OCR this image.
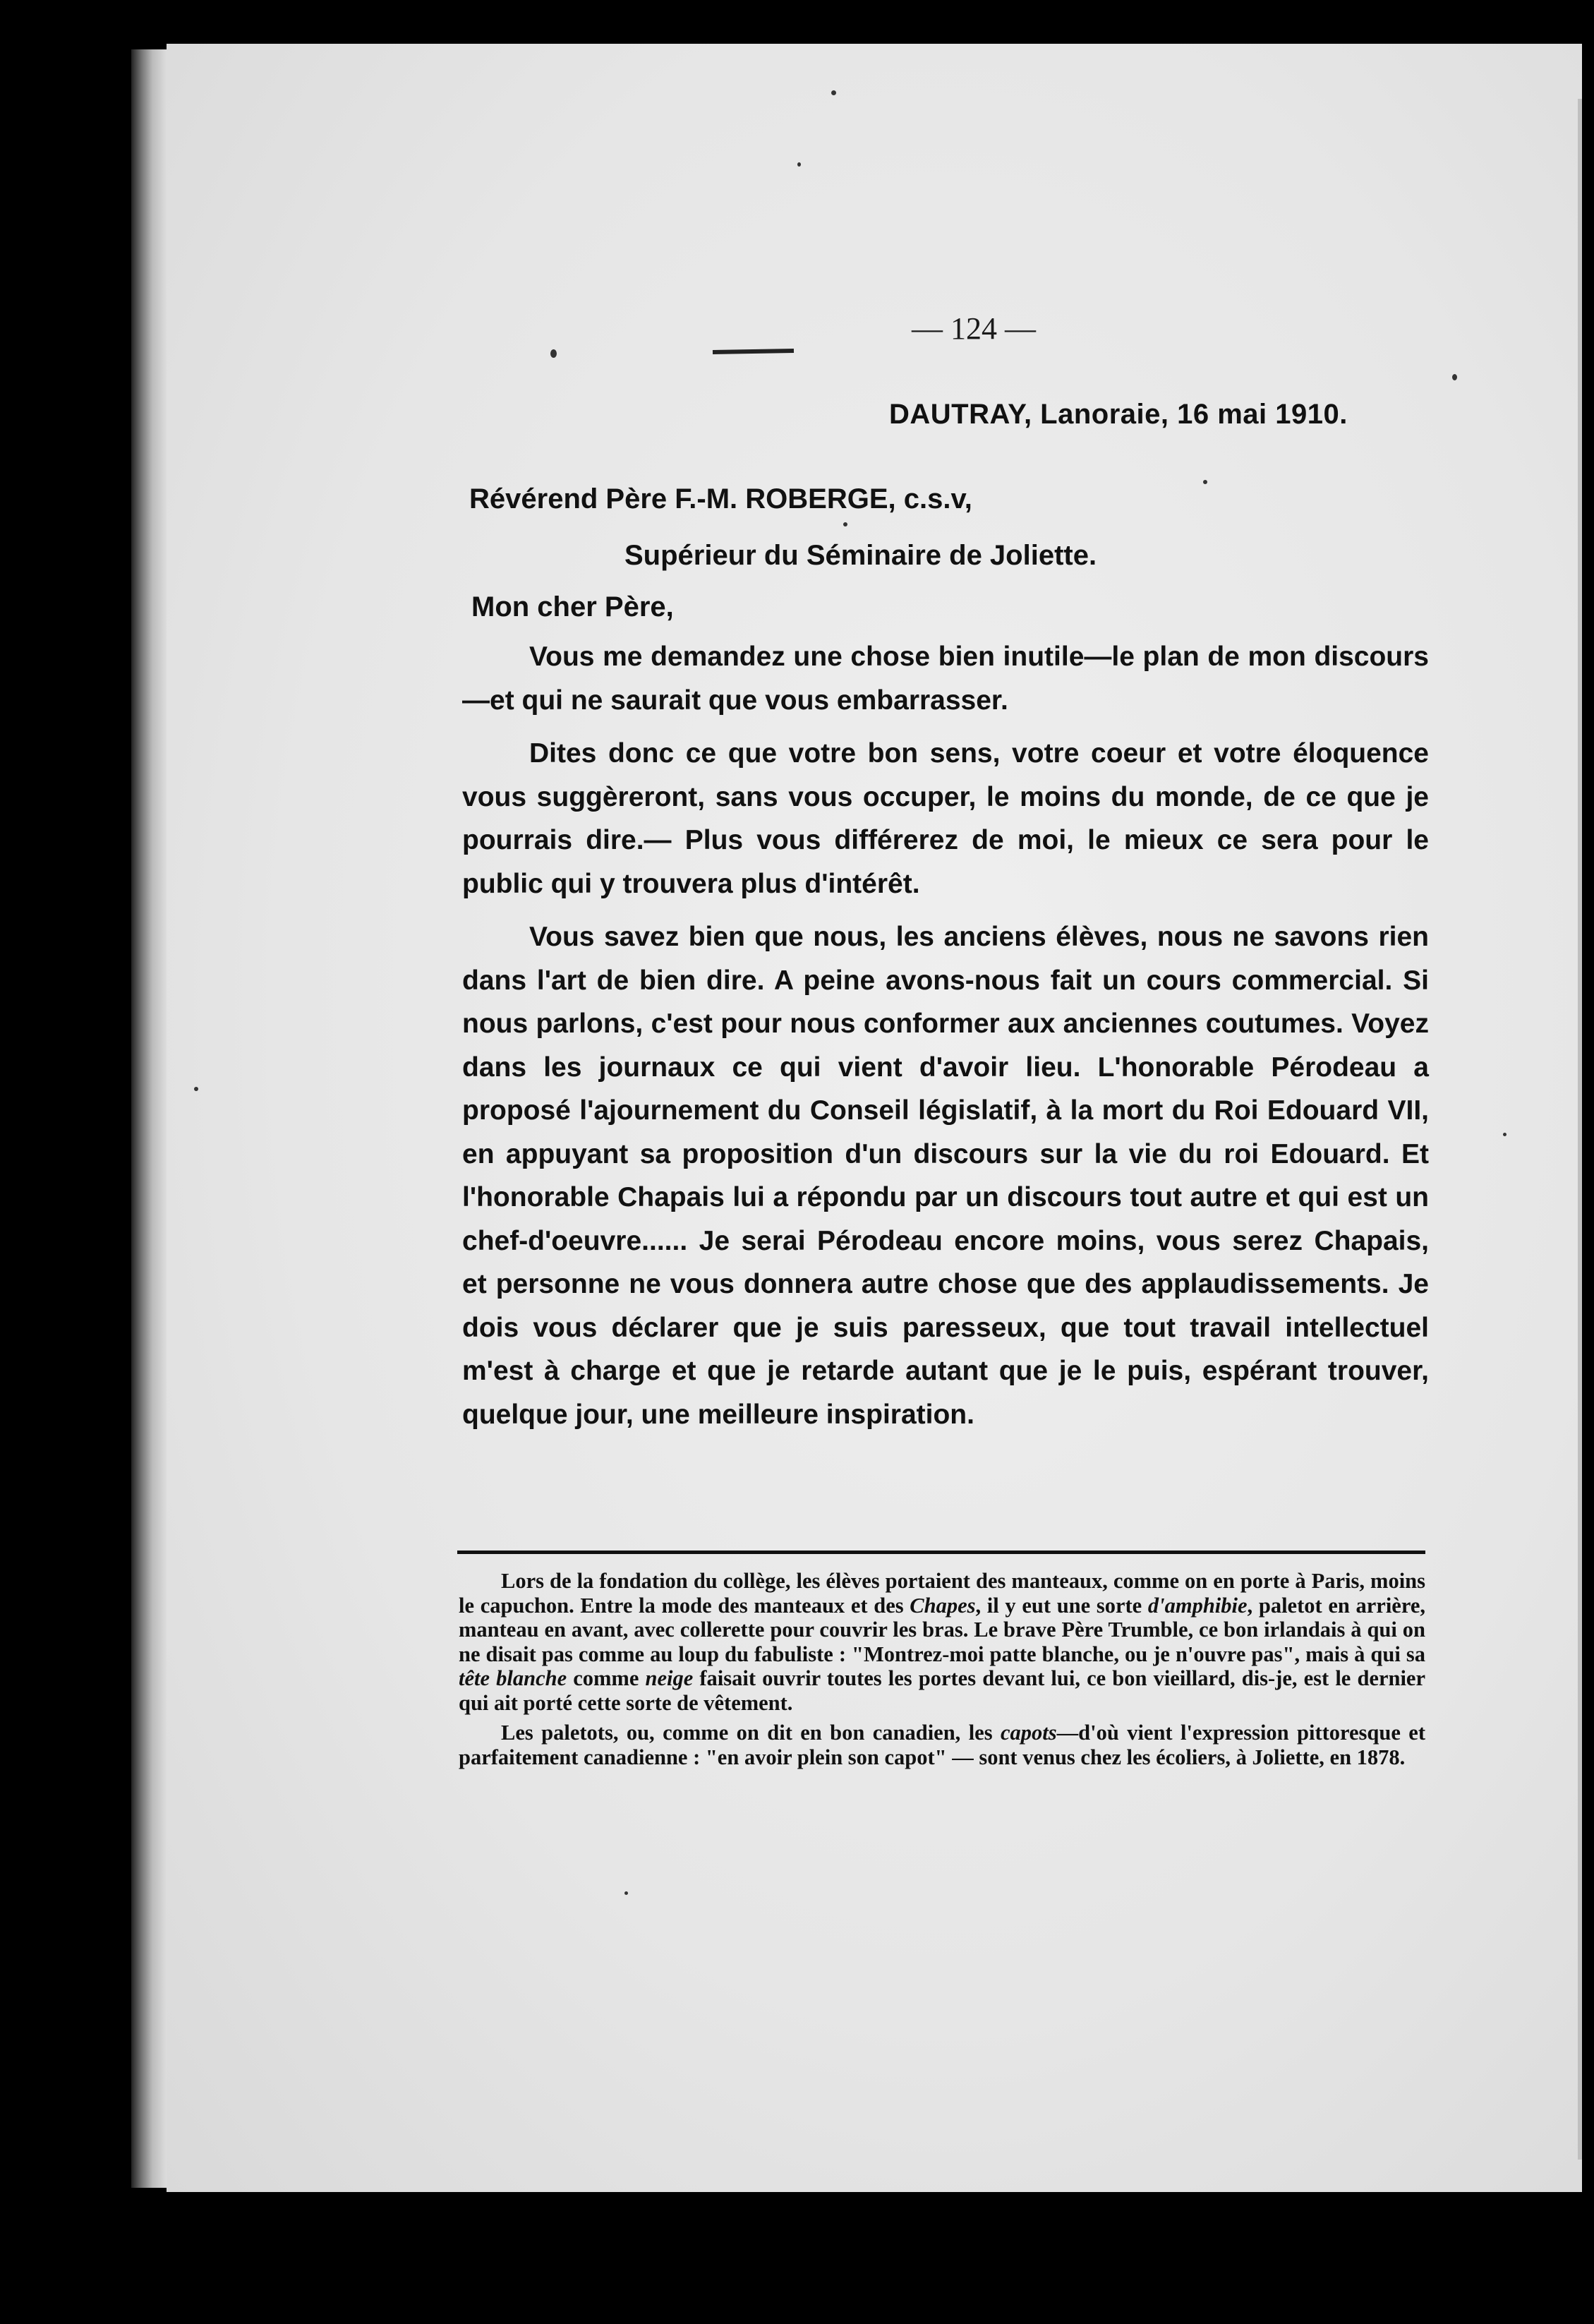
— 124 —
DAUTRAY, Lanoraie, 16 mai 1910.
Révérend Père F.-M. ROBERGE, c.s.v,
Supérieur du Séminaire de Joliette.
Mon cher Père,

Vous me demandez une chose bien inutile—le plan de mon discours—et qui ne saurait que vous embarrasser.

Dites donc ce que votre bon sens, votre coeur et votre éloquence vous suggèreront, sans vous occuper, le moins du monde, de ce que je pourrais dire.— Plus vous différerez de moi, le mieux ce sera pour le public qui y trouvera plus d'intérêt.

Vous savez bien que nous, les anciens élèves, nous ne savons rien dans l'art de bien dire. A peine avons-nous fait un cours commercial. Si nous parlons, c'est pour nous conformer aux anciennes coutumes. Voyez dans les journaux ce qui vient d'avoir lieu. L'honorable Pérodeau a proposé l'ajournement du Conseil législatif, à la mort du Roi Edouard VII, en appuyant sa proposition d'un discours sur la vie du roi Edouard. Et l'honorable Chapais lui a répondu par un discours tout autre et qui est un chef-d'oeuvre...... Je serai Pérodeau encore moins, vous serez Chapais, et personne ne vous donnera autre chose que des applaudissements. Je dois vous déclarer que je suis paresseux, que tout travail intellectuel m'est à charge et que je retarde autant que je le puis, espérant trouver, quelque jour, une meilleure inspiration.

Lors de la fondation du collège, les élèves portaient des manteaux, comme on en porte à Paris, moins le capuchon. Entre la mode des manteaux et des Chapes, il y eut une sorte d'amphibie, paletot en arrière, manteau en avant, avec collerette pour couvrir les bras. Le brave Père Trumble, ce bon irlandais à qui on ne disait pas comme au loup du fabuliste : "Montrez-moi patte blanche, ou je n'ouvre pas", mais à qui sa tête blanche comme neige faisait ouvrir toutes les portes devant lui, ce bon vieillard, dis-je, est le dernier qui ait porté cette sorte de vêtement.

Les paletots, ou, comme on dit en bon canadien, les capots—d'où vient l'expression pittoresque et parfaitement canadienne : "en avoir plein son capot" — sont venus chez les écoliers, à Joliette, en 1878.
